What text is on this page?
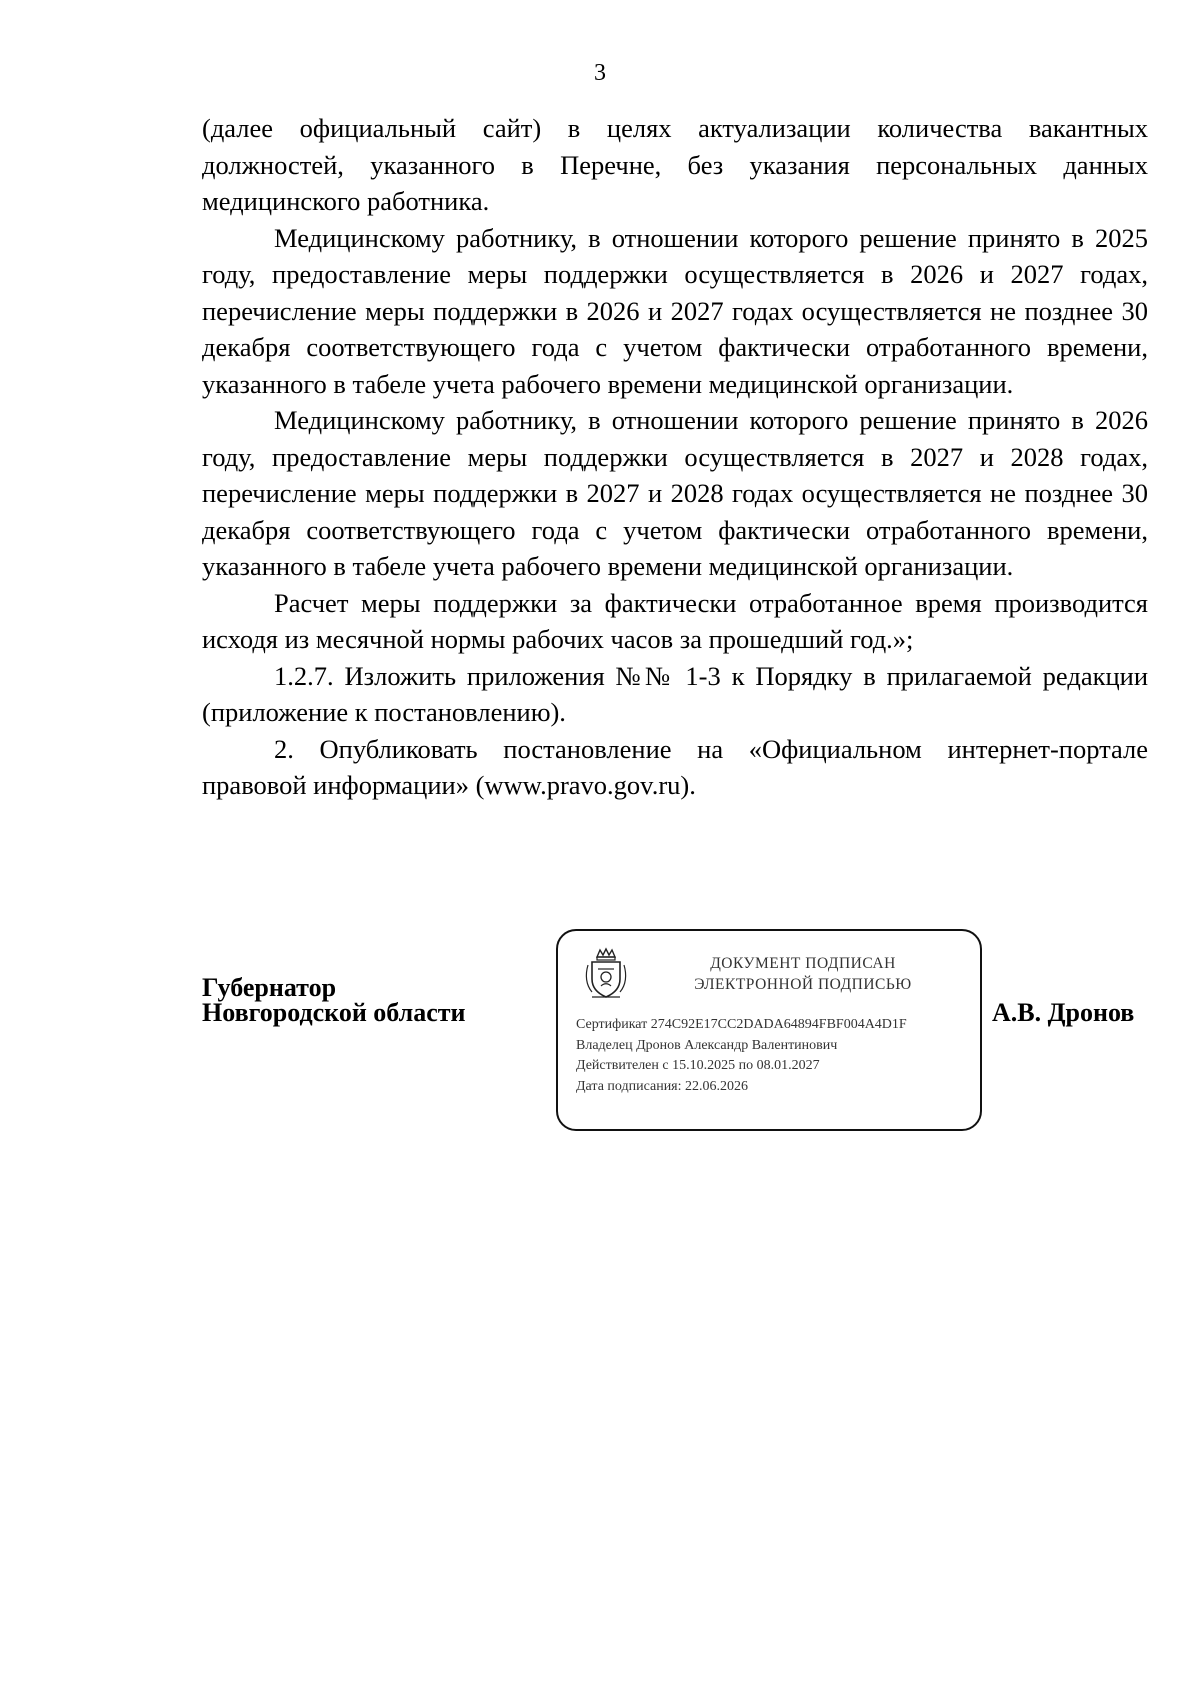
3

(далее официальный сайт) в целях актуализации количества вакантных должностей, указанного в Перечне, без указания персональных данных медицинского работника.

Медицинскому работнику, в отношении которого решение принято в 2025 году, предоставление меры поддержки осуществляется в 2026 и 2027 годах, перечисление меры поддержки в 2026 и 2027 годах осуществляется не позднее 30 декабря соответствующего года с учетом фактически отработанного времени, указанного в табеле учета рабочего времени медицинской организации.

Медицинскому работнику, в отношении которого решение принято в 2026 году, предоставление меры поддержки осуществляется в 2027 и 2028 годах, перечисление меры поддержки в 2027 и 2028 годах осуществляется не позднее 30 декабря соответствующего года с учетом фактически отработанного времени, указанного в табеле учета рабочего времени медицинской организации.

Расчет меры поддержки за фактически отработанное время производится исходя из месячной нормы рабочих часов за прошедший год.»;

1.2.7. Изложить приложения №№ 1-3 к Порядку в прилагаемой редакции (приложение к постановлению).

2. Опубликовать постановление на «Официальном интернет-портале правовой информации» (www.pravo.gov.ru).

Губернатор
Новгородской области
ДОКУМЕНТ ПОДПИСАН
ЭЛЕКТРОННОЙ ПОДПИСЬЮ
Сертификат 274C92E17CC2DADA64894FBF004A4D1F
Владелец Дронов Александр Валентинович
Действителен с 15.10.2025 по 08.01.2027
Дата подписания: 22.06.2026
А.В. Дронов
